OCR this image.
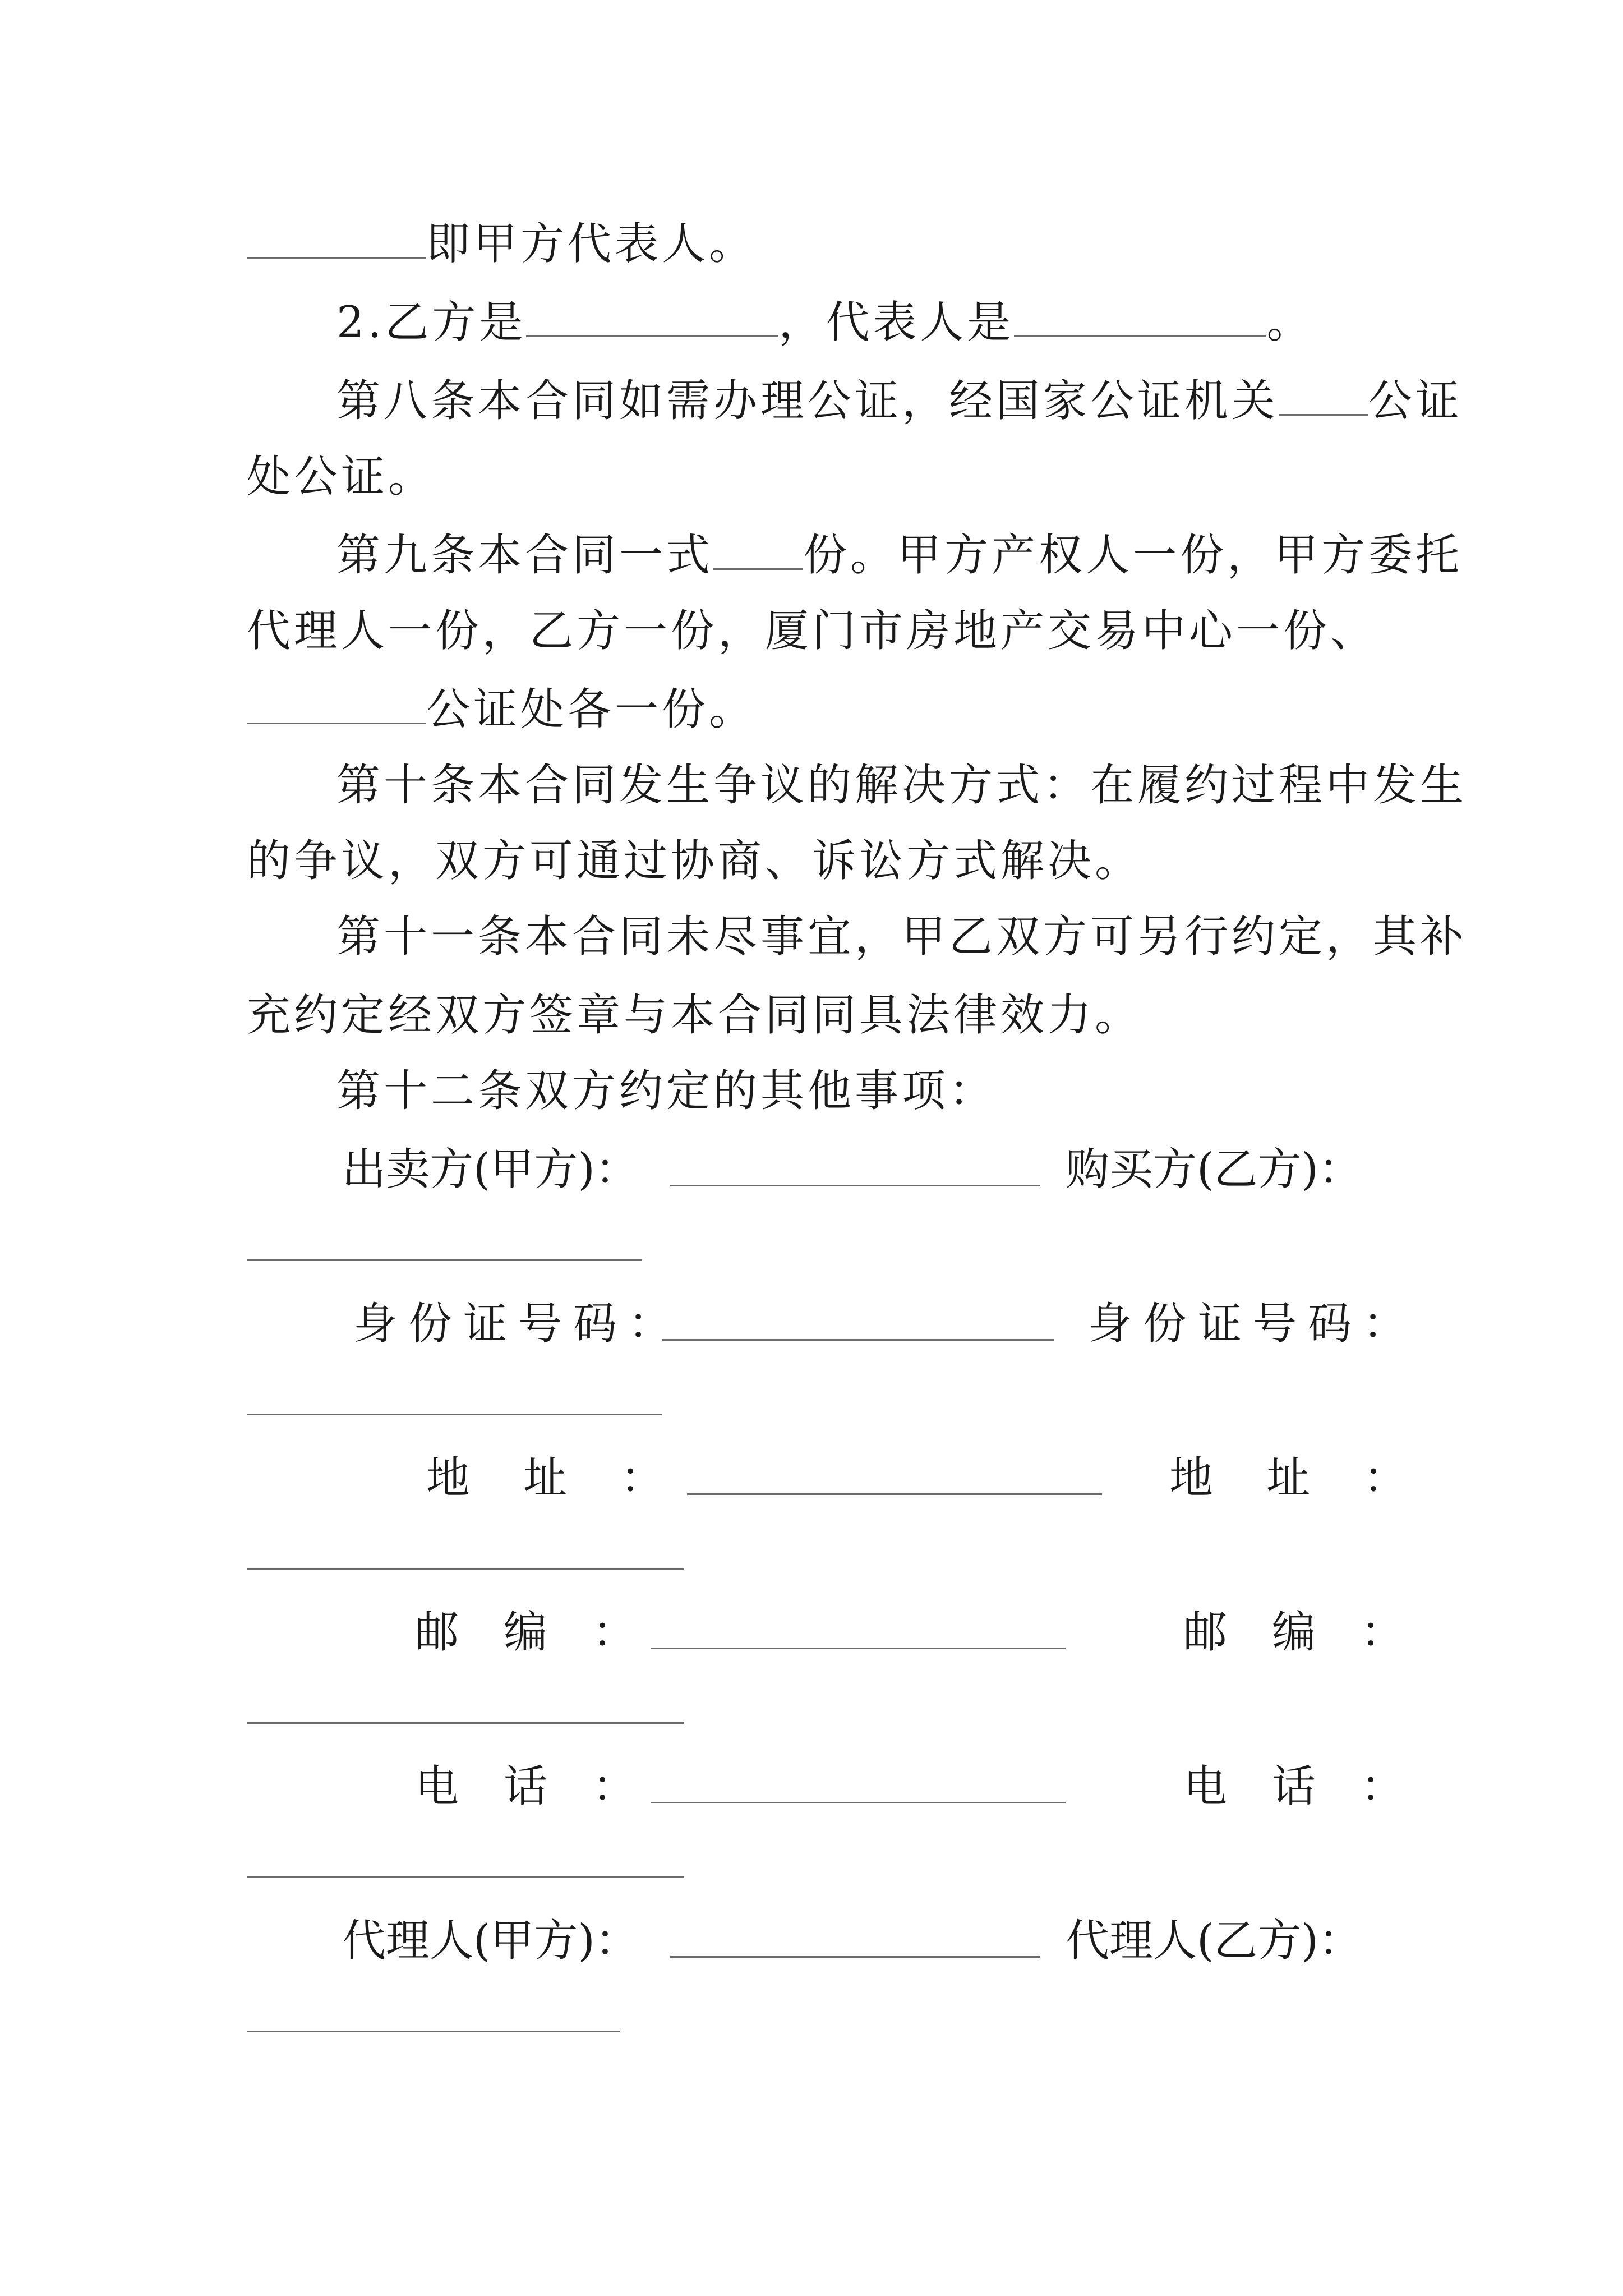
即甲方代表人。
2.乙方是	，代表人是	。
第八条本合同如需办理公证，经国家公证机关 公证
处公证。
第九条本合同一式 份。甲方产权人一份，甲方委托
代理人一份，乙方一份，厦门市房地产交易中心一份、
公证处各一份。
第十条本合同发生争议的解决方式：在履约过程中发生
的争议，双方可通过协商、诉讼方式解决。
第十一条本合同未尽事宜，甲乙双方可另行约定，其补
充约定经双方签章与本合同同具法律效力。
第十二条双方约定的其他事项：
出卖方(甲方)：	购买方(乙方)：
身份证号码：	身份证号码：
地址：	地址：
邮编：	邮编：
电话：	电话：
代理人(甲方)：	代理人(乙方)：
